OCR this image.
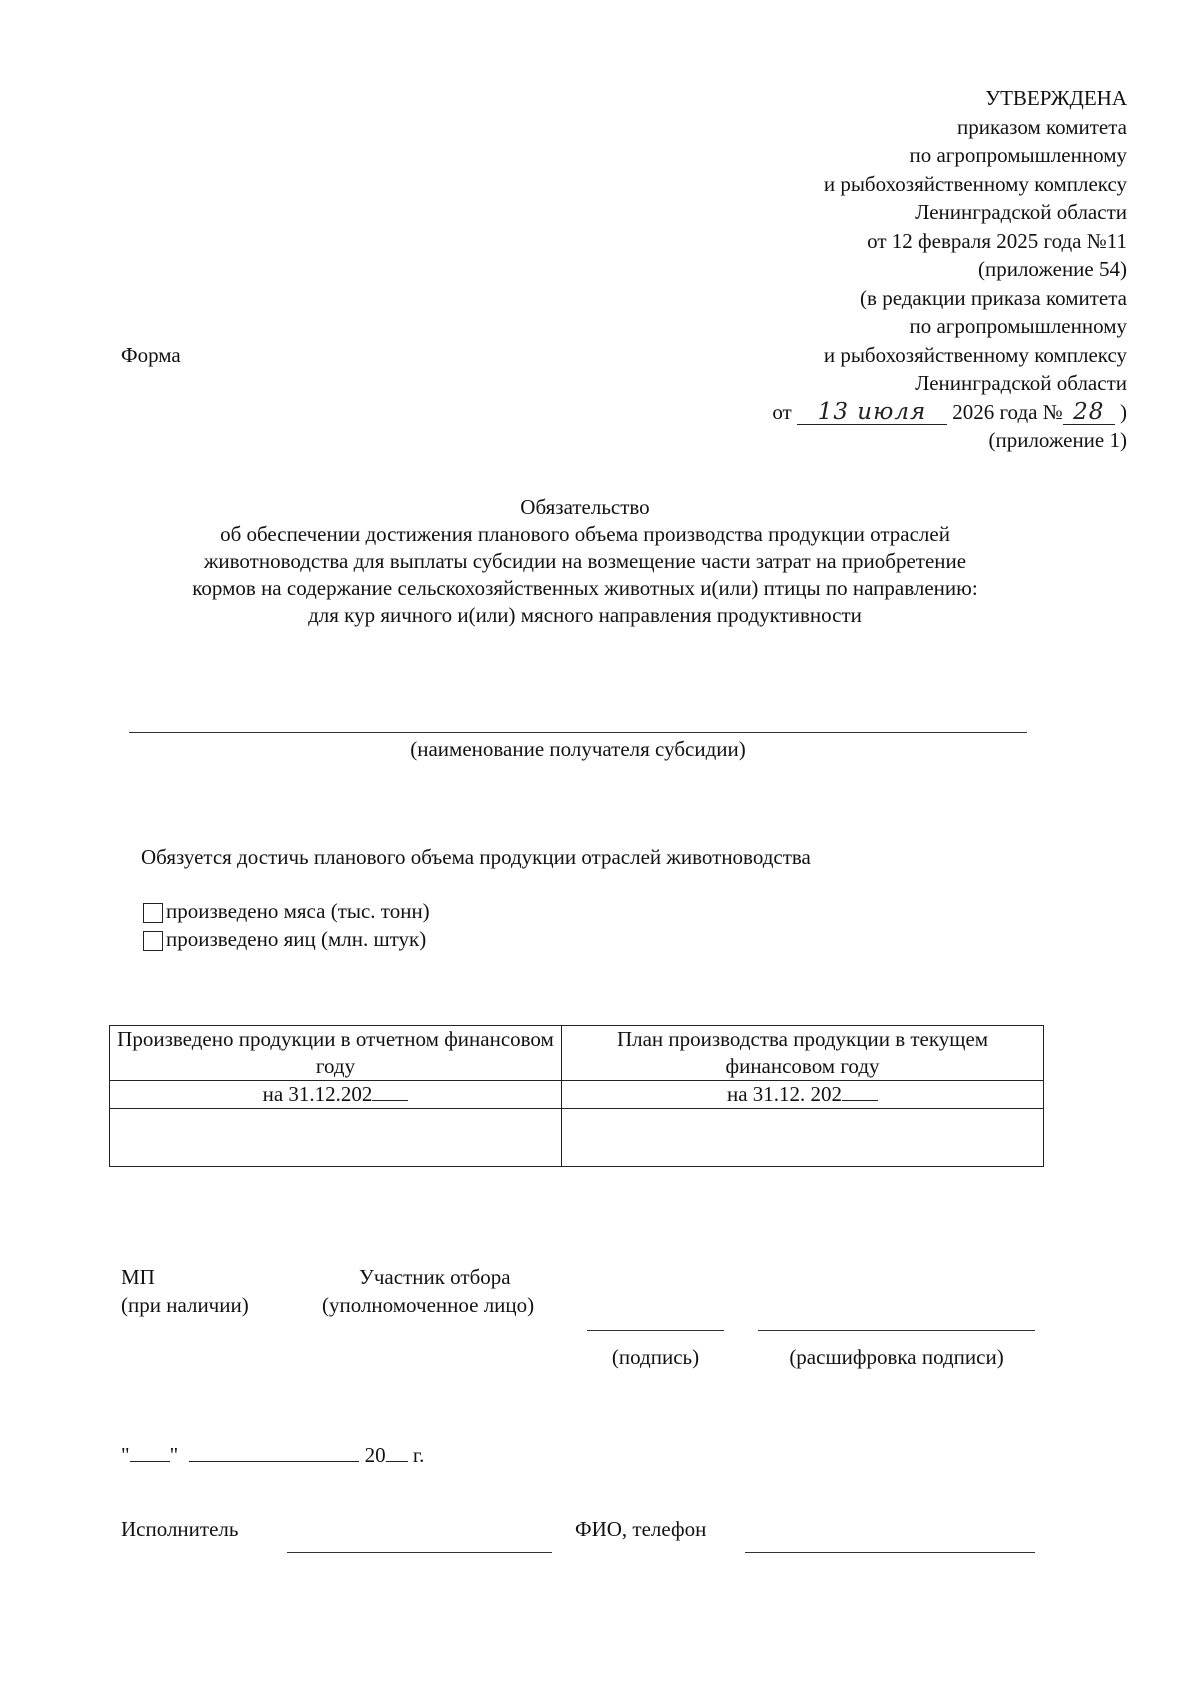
УТВЕРЖДЕНА
приказом комитета
по агропромышленному
и рыбохозяйственному комплексу
Ленинградской области
от 12 февраля 2025 года №11
(приложение 54)
(в редакции приказа комитета
по агропромышленному
и рыбохозяйственному комплексу
Ленинградской области
от 13 июля 2026 года № 28 )
(приложение 1)
Форма
Обязательство
об обеспечении достижения планового объема производства продукции отраслей
животноводства для выплаты субсидии на возмещение части затрат на приобретение
кормов на содержание сельскохозяйственных животных и(или) птицы по направлению:
для кур яичного и(или) мясного направления продуктивности
(наименование получателя субсидии)
Обязуется достичь планового объема продукции отраслей животноводства
произведено мяса (тыс. тонн)
произведено яиц (млн. штук)
Произведено продукции в отчетном финансовом году	План производства продукции в текущем финансовом году
на 31.12.202	на 31.12. 202

МП
(при наличии)
Участник отбора
(уполномоченное лицо)
(подпись)	(расшифровка подписи)
" "	20 г.
Исполнитель	ФИО, телефон
